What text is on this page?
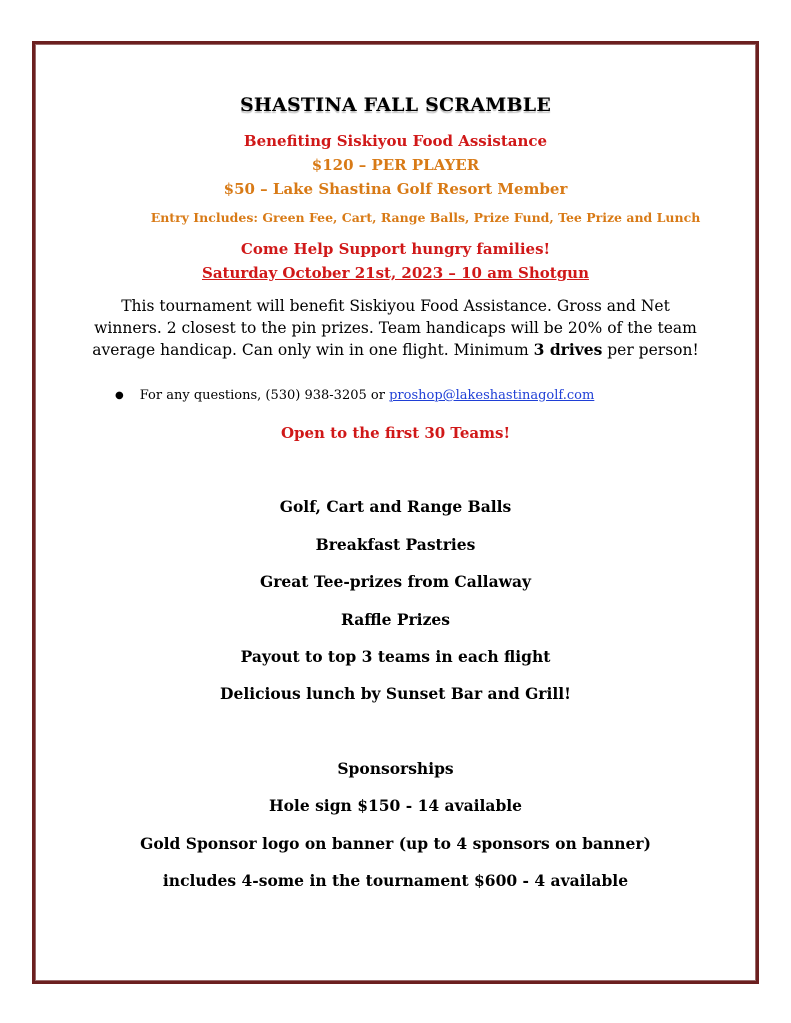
SHASTINA FALL SCRAMBLE
Benefiting Siskiyou Food Assistance
$120 – PER PLAYER
$50 – Lake Shastina Golf Resort Member
Entry Includes: Green Fee, Cart, Range Balls, Prize Fund, Tee Prize and Lunch
Come Help Support hungry families!
Saturday October 21st, 2023 – 10 am Shotgun
This tournament will benefit Siskiyou Food Assistance. Gross and Net winners. 2 closest to the pin prizes. Team handicaps will be 20% of the team average handicap. Can only win in one flight. Minimum 3 drives per person!
● For any questions, (530) 938-3205 or
proshop@lakeshastinagolf.com
Open to the first 30 Teams!
Golf, Cart and Range Balls
Breakfast Pastries
Great Tee-prizes from Callaway
Raffle Prizes
Payout to top 3 teams in each flight
Delicious lunch by Sunset Bar and Grill!
Sponsorships
Hole sign $150 - 14 available
Gold Sponsor logo on banner (up to 4 sponsors on banner)
includes 4-some in the tournament $600 - 4 available
